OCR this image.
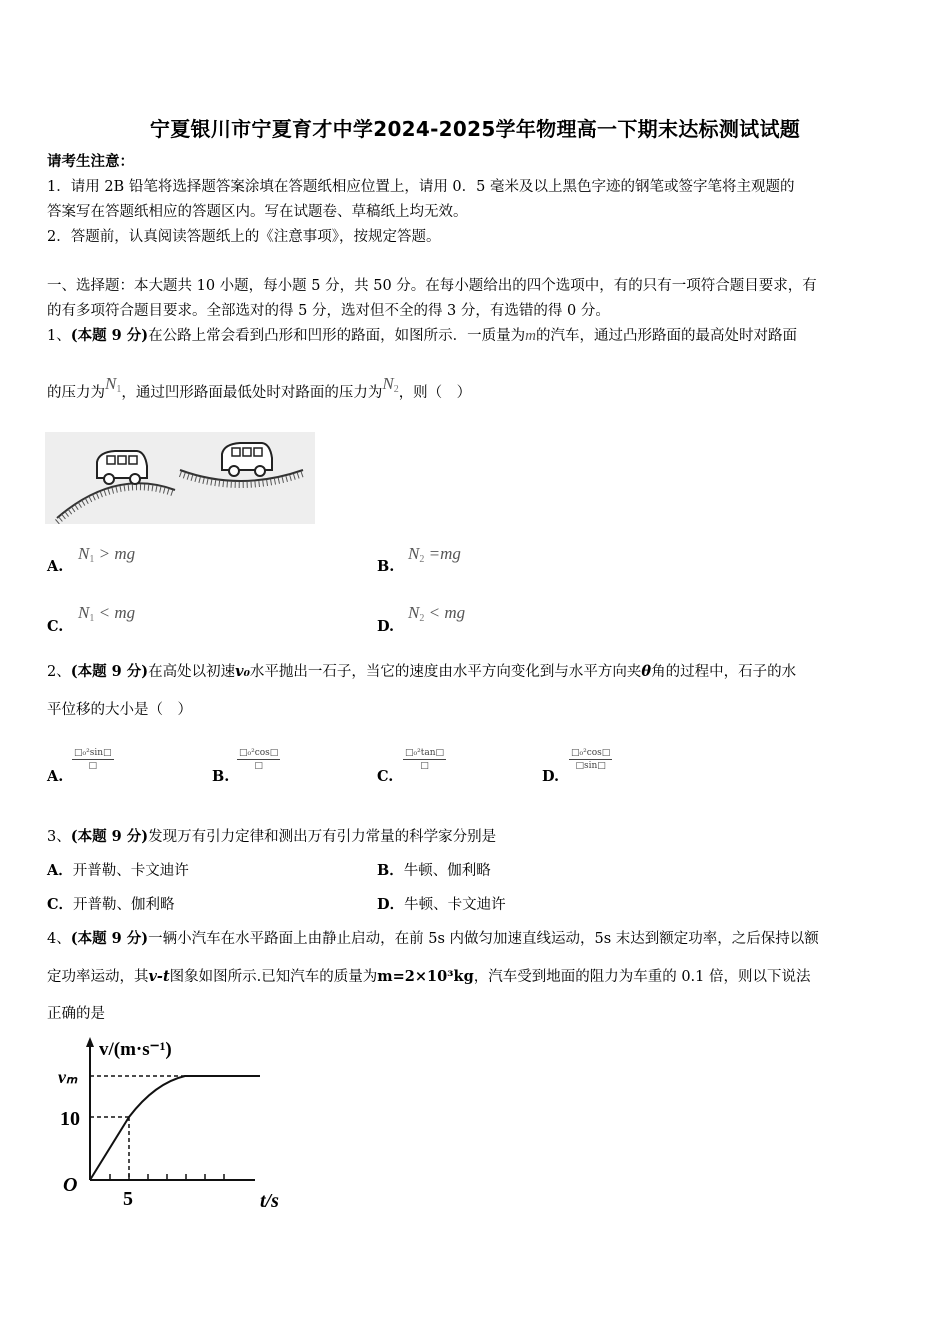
宁夏银川市宁夏育才中学2024-2025学年物理高一下期末达标测试试题
请考生注意：
1．请用 2B 铅笔将选择题答案涂填在答题纸相应位置上，请用 0．5 毫米及以上黑色字迹的钢笔或签字笔将主观题的
答案写在答题纸相应的答题区内。写在试题卷、草稿纸上均无效。
2．答题前，认真阅读答题纸上的《注意事项》，按规定答题。
一、选择题：本大题共 10 小题，每小题 5 分，共 50 分。在每小题给出的四个选项中，有的只有一项符合题目要求，有
的有多项符合题目要求。全部选对的得 5 分，选对但不全的得 3 分，有选错的得 0 分。
1、(本题 9 分)在公路上常会看到凸形和凹形的路面，如图所示．一质量为m的汽车，通过凸形路面的最高处时对路面
的压力为$N_1$，通过凹形路面最低处时对路面的压力为$N_2$，则（　）
A.
$N_1$ > mg
B.
$N_2 =mg$
C.
$N_1$ < mg
D.
$N_2$ < mg
2、(本题 9 分)在高处以初速v₀水平抛出一石子，当它的速度由水平方向变化到与水平方向夹θ角的过程中，石子的水
平位移的大小是（　）
A.
$\frac{\text{□₀²sin□}}{□}$
B.
$\frac{\text{□₀²cos□}}{□}$
C.
$\frac{\text{□₀²tan□}}{□}$
D.
$\frac{\text{□₀²cos□}}{□\sin□}$
3、(本题 9 分)发现万有引力定律和测出万有引力常量的科学家分别是
A．开普勒、卡文迪许	B．牛顿、伽利略
C．开普勒、伽利略	D．牛顿、卡文迪许
4、(本题 9 分)一辆小汽车在水平路面上由静止启动，在前 5s 内做匀加速直线运动，5s 末达到额定功率，之后保持以额
定功率运动，其v-t图象如图所示.已知汽车的质量为m=2×10³kg，汽车受到地面的阻力为车重的 0.1 倍，则以下说法
正确的是
v/(m·s⁻¹)
vₘ
10
O
5	t/s
